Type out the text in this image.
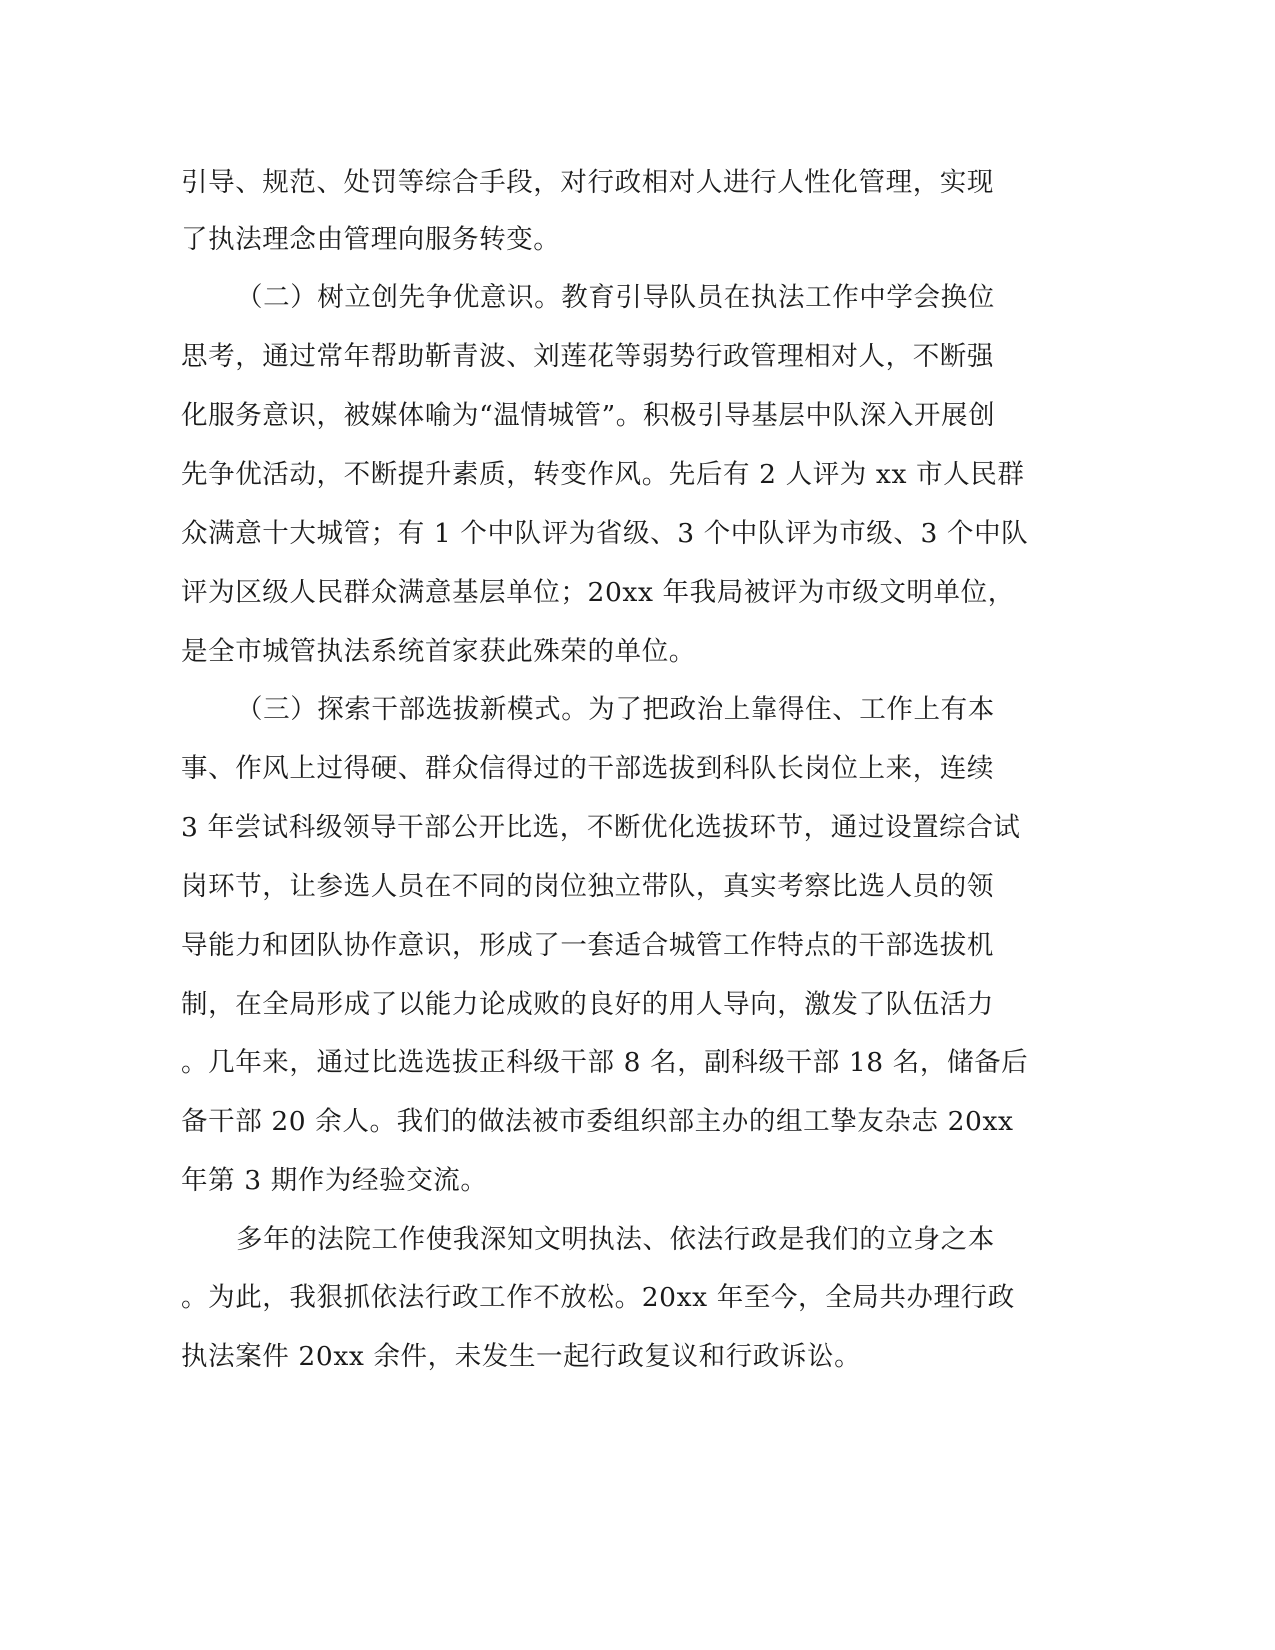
引导、规范、处罚等综合手段，对行政相对人进行人性化管理，实现
了执法理念由管理向服务转变。
（二）树立创先争优意识。教育引导队员在执法工作中学会换位
思考，通过常年帮助靳青波、刘莲花等弱势行政管理相对人，不断强
化服务意识，被媒体喻为“温情城管”。积极引导基层中队深入开展创
先争优活动，不断提升素质，转变作风。先后有 2 人评为 xx 市人民群
众满意十大城管；有 1 个中队评为省级、3 个中队评为市级、3 个中队
评为区级人民群众满意基层单位；20xx 年我局被评为市级文明单位，
是全市城管执法系统首家获此殊荣的单位。
（三）探索干部选拔新模式。为了把政治上靠得住、工作上有本
事、作风上过得硬、群众信得过的干部选拔到科队长岗位上来，连续
3 年尝试科级领导干部公开比选，不断优化选拔环节，通过设置综合试
岗环节，让参选人员在不同的岗位独立带队，真实考察比选人员的领
导能力和团队协作意识，形成了一套适合城管工作特点的干部选拔机
制，在全局形成了以能力论成败的良好的用人导向，激发了队伍活力
。几年来，通过比选选拔正科级干部 8 名，副科级干部 18 名，储备后
备干部 20 余人。我们的做法被市委组织部主办的组工挚友杂志 20xx
年第 3 期作为经验交流。
多年的法院工作使我深知文明执法、依法行政是我们的立身之本
。为此，我狠抓依法行政工作不放松。20xx 年至今，全局共办理行政
执法案件 20xx 余件，未发生一起行政复议和行政诉讼。
